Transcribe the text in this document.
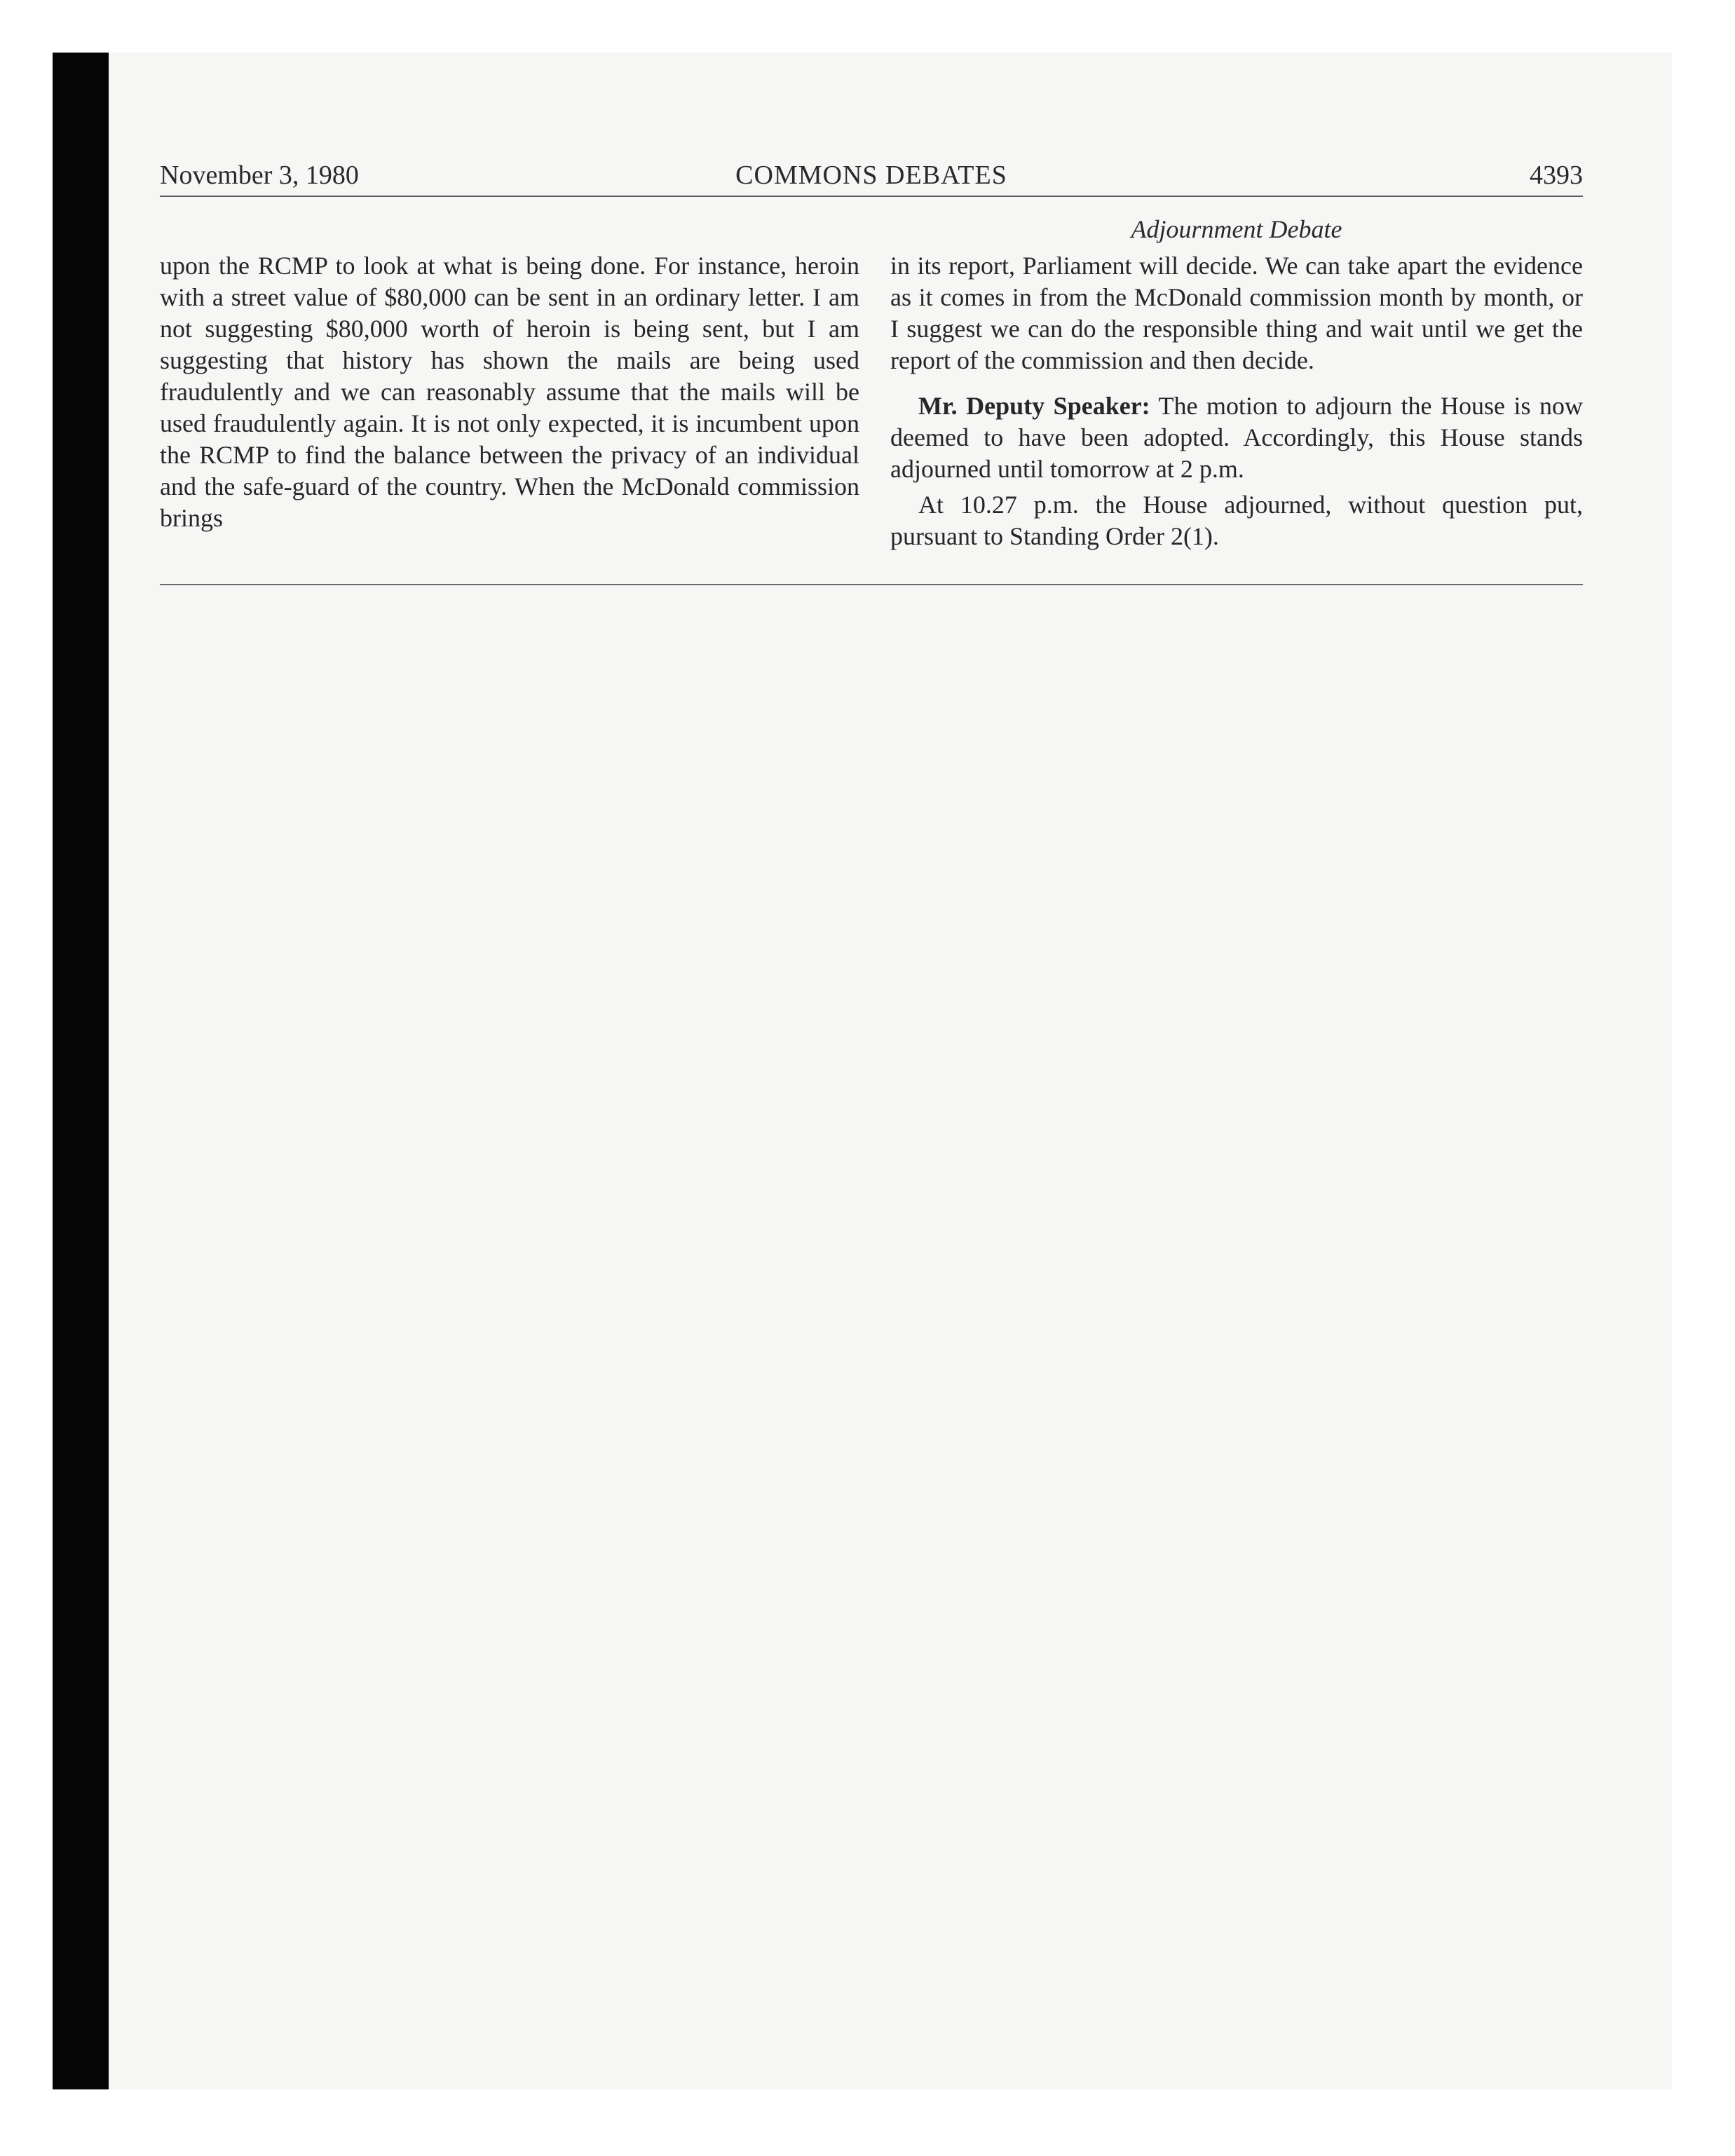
November 3, 1980	COMMONS DEBATES	4393
Adjournment Debate

upon the RCMP to look at what is being done. For instance, heroin with a street value of $80,000 can be sent in an ordinary letter. I am not suggesting $80,000 worth of heroin is being sent, but I am suggesting that history has shown the mails are being used fraudulently and we can reasonably assume that the mails will be used fraudulently again. It is not only expected, it is incumbent upon the RCMP to find the balance between the privacy of an individual and the safe-guard of the country. When the McDonald commission brings

in its report, Parliament will decide. We can take apart the evidence as it comes in from the McDonald commission month by month, or I suggest we can do the responsible thing and wait until we get the report of the commission and then decide.

Mr. Deputy Speaker: The motion to adjourn the House is now deemed to have been adopted. Accordingly, this House stands adjourned until tomorrow at 2 p.m.

At 10.27 p.m. the House adjourned, without question put, pursuant to Standing Order 2(1).
